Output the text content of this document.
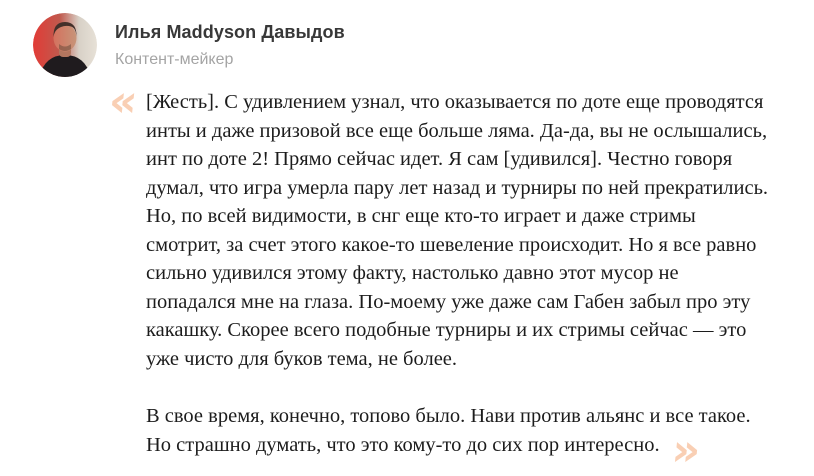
Илья Maddyson Давыдов
Контент-мейкер
« [Жесть]. С удивлением узнал, что оказывается по доте еще проводятся инты и даже призовой все еще больше ляма. Да-да, вы не ослышались, инт по доте 2! Прямо сейчас идет. Я сам [удивился]. Честно говоря думал, что игра умерла пару лет назад и турниры по ней прекратились. Но, по всей видимости, в снг еще кто-то играет и даже стримы смотрит, за счет этого какое-то шевеление происходит. Но я все равно сильно удивился этому факту, настолько давно этот мусор не попадался мне на глаза. По-моему уже даже сам Габен забыл про эту какашку. Скорее всего подобные турниры и их стримы сейчас — это уже чисто для буков тема, не более.

В свое время, конечно, топово было. Нави против альянс и все такое. Но страшно думать, что это кому-то до сих пор интересно. »
